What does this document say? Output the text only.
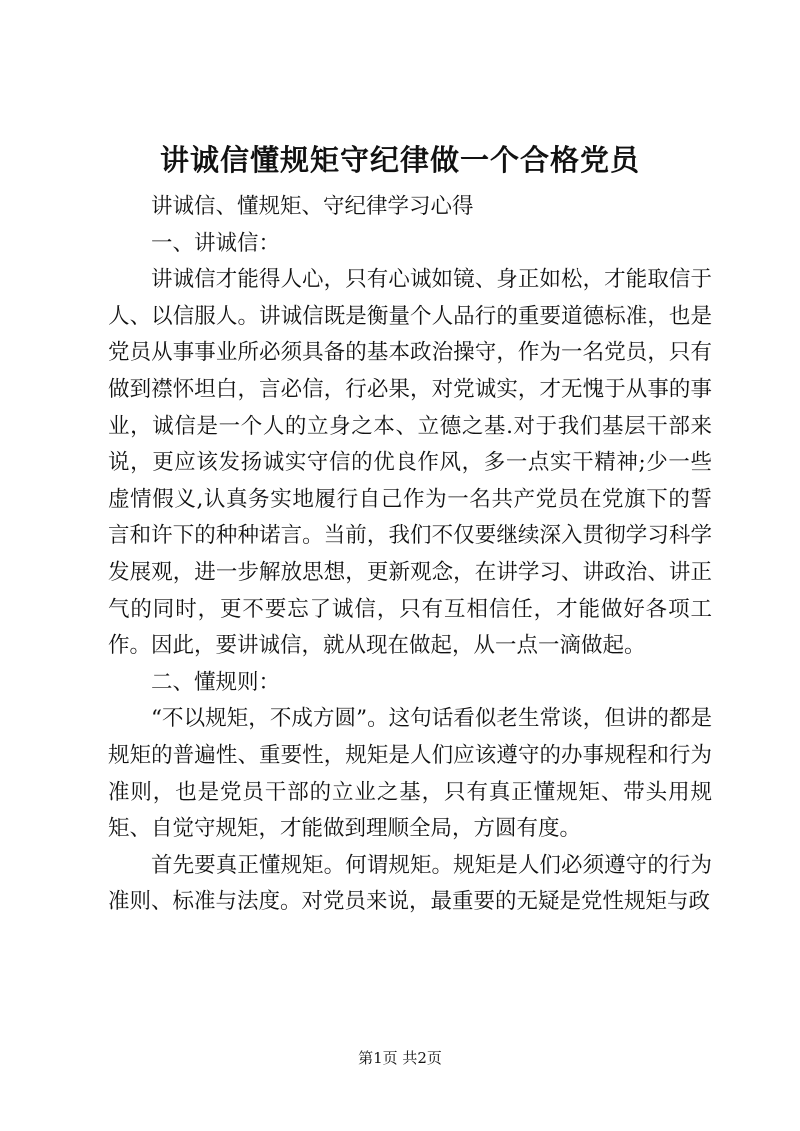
讲诚信懂规矩守纪律做一个合格党员

讲诚信、懂规矩、守纪律学习心得

一、讲诚信：

讲诚信才能得人心，只有心诚如镜、身正如松，才能取信于人、以信服人。讲诚信既是衡量个人品行的重要道德标准，也是党员从事事业所必须具备的基本政治操守，作为一名党员，只有做到襟怀坦白，言必信，行必果，对党诚实，才无愧于从事的事业，诚信是一个人的立身之本、立德之基.对于我们基层干部来说，更应该发扬诚实守信的优良作风，多一点实干精神;少一些虚情假义,认真务实地履行自己作为一名共产党员在党旗下的誓言和许下的种种诺言。当前，我们不仅要继续深入贯彻学习科学发展观，进一步解放思想，更新观念，在讲学习、讲政治、讲正气的同时，更不要忘了诚信，只有互相信任，才能做好各项工作。因此，要讲诚信，就从现在做起，从一点一滴做起。

二、懂规则：

“不以规矩，不成方圆”。这句话看似老生常谈，但讲的都是规矩的普遍性、重要性，规矩是人们应该遵守的办事规程和行为准则，也是党员干部的立业之基，只有真正懂规矩、带头用规矩、自觉守规矩，才能做到理顺全局，方圆有度。

首先要真正懂规矩。何谓规矩。规矩是人们必须遵守的行为准则、标准与法度。对党员来说，最重要的无疑是党性规矩与政

第1页 共2页
